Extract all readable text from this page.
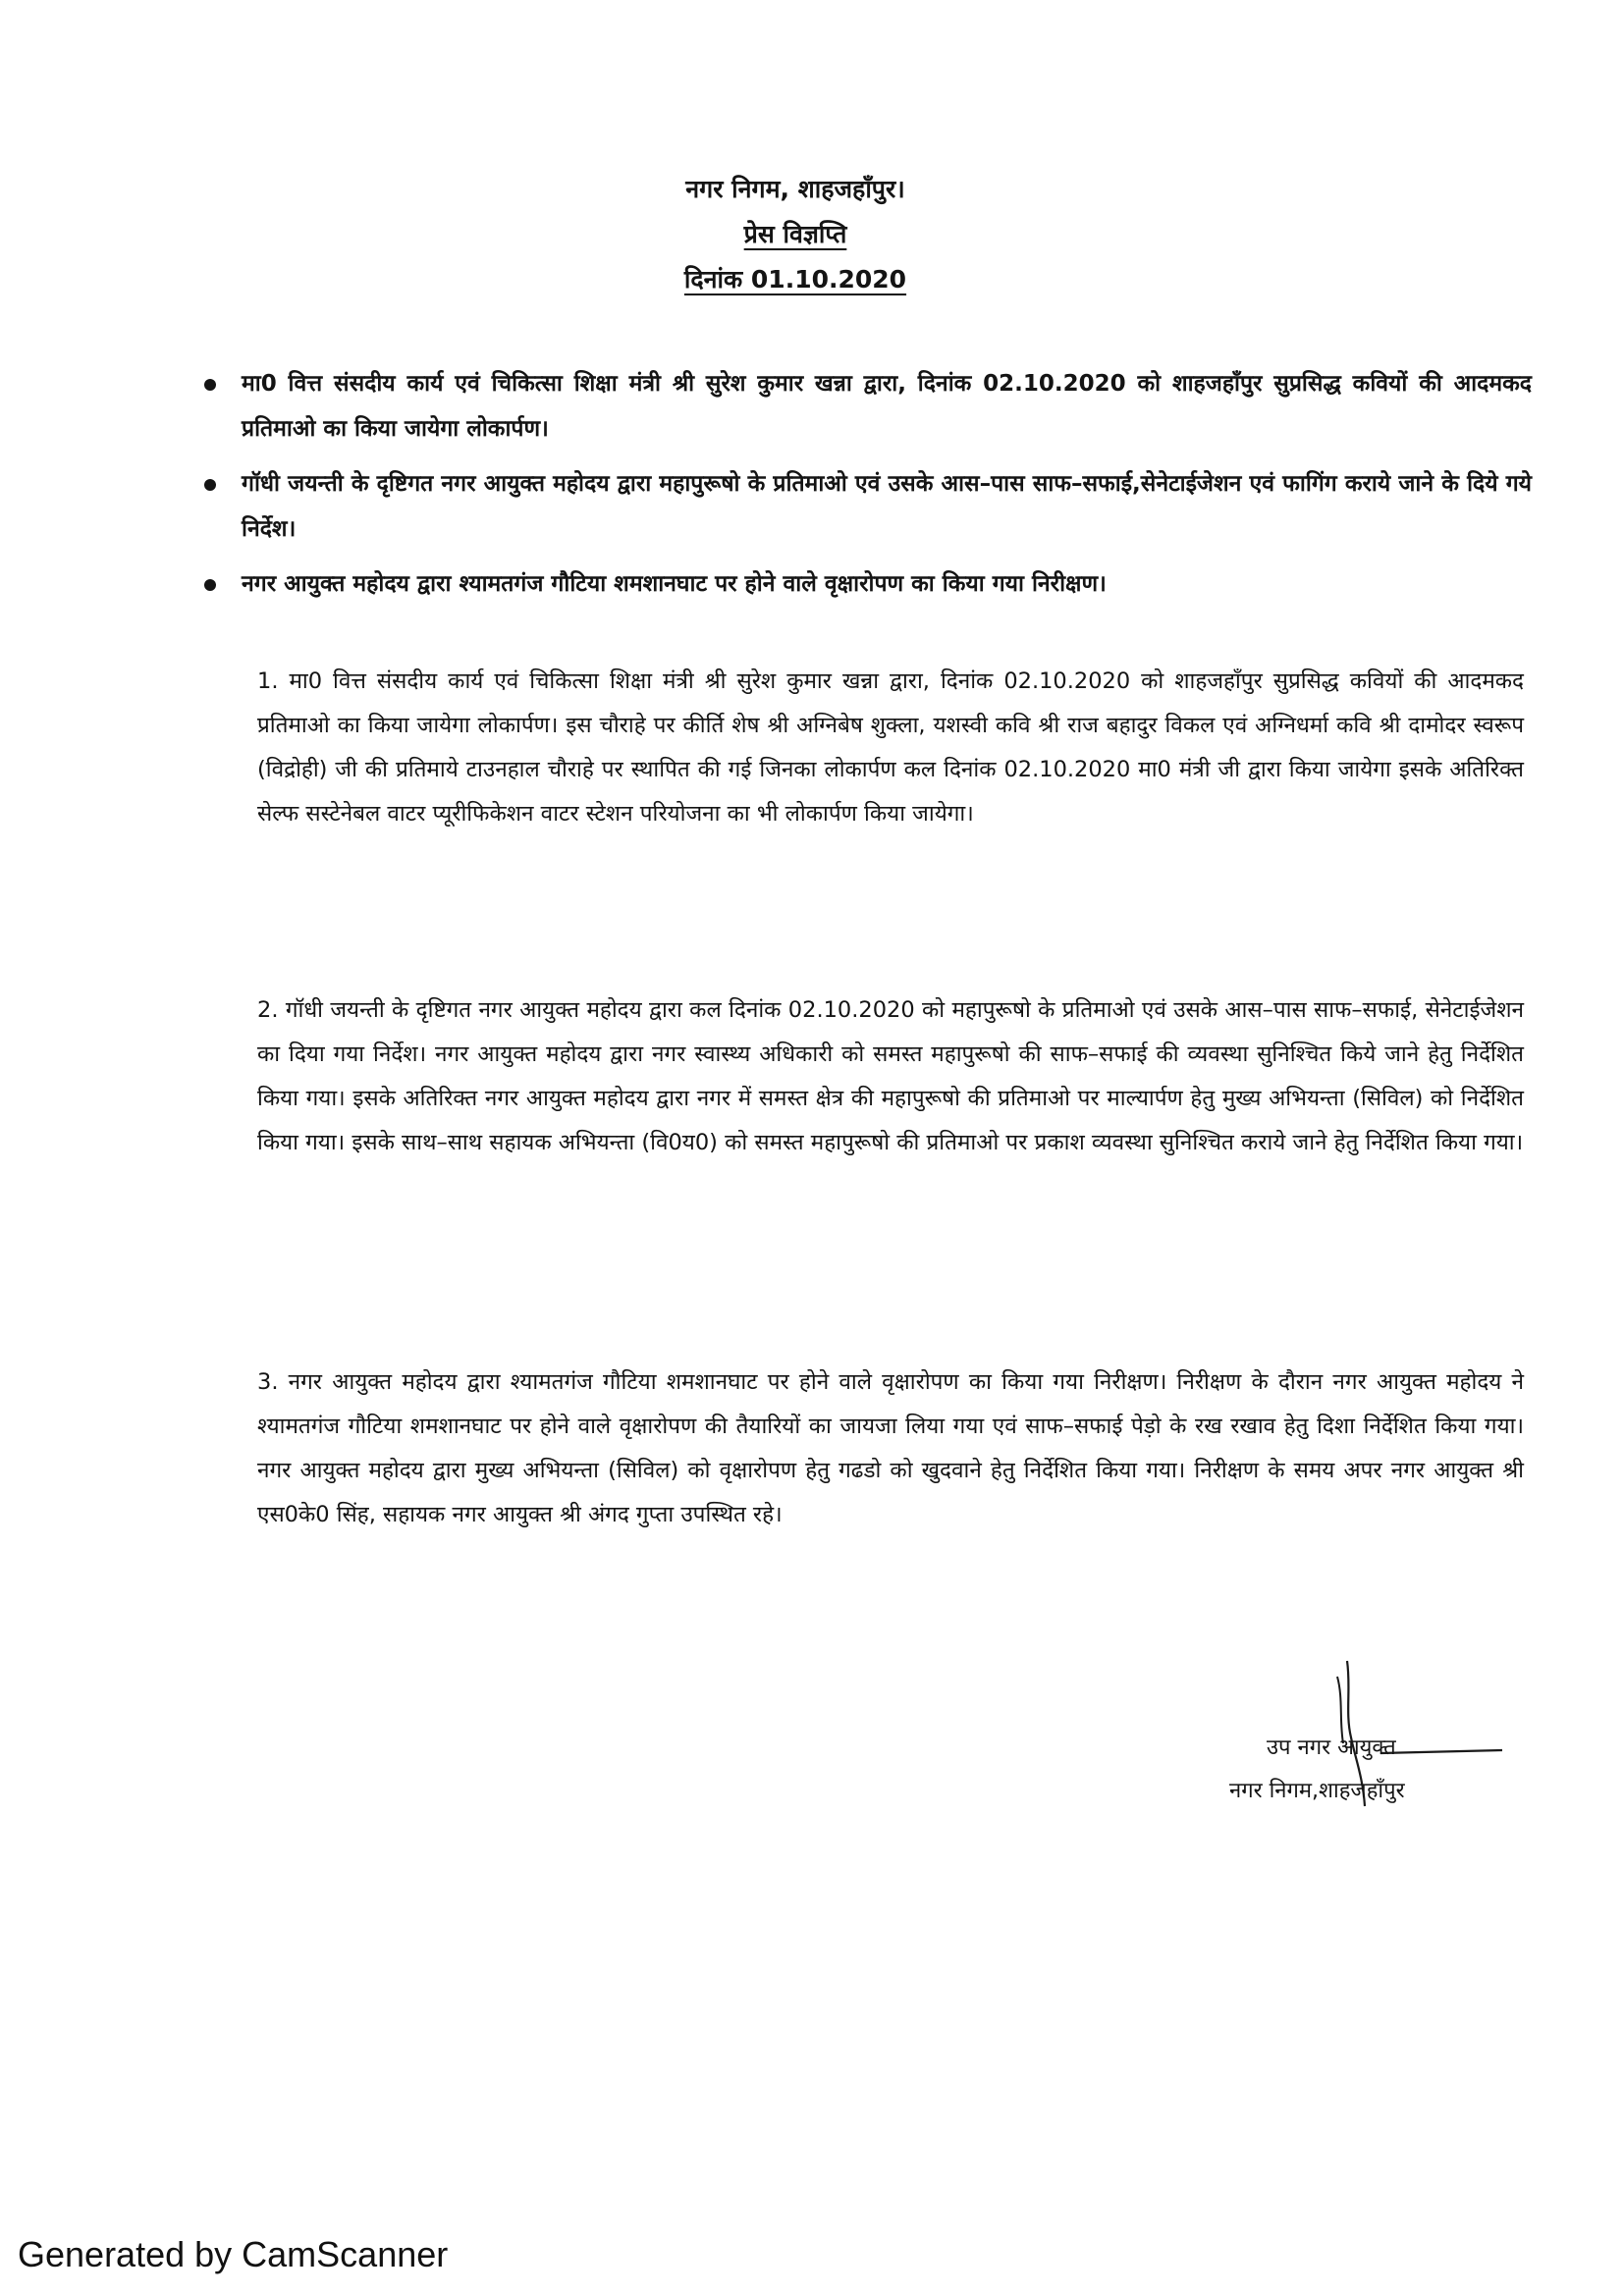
नगर निगम, शाहजहाँपुर।
प्रेस विज्ञप्ति
दिनांक 01.10.2020
मा0 वित्त संसदीय कार्य एवं चिकित्सा शिक्षा मंत्री श्री सुरेश कुमार खन्ना द्वारा, दिनांक 02.10.2020 को शाहजहाँपुर सुप्रसिद्ध कवियों की आदमकद प्रतिमाओ का किया जायेगा लोकार्पण।
गॉधी जयन्ती के दृष्टिगत नगर आयुक्त महोदय द्वारा महापुरूषो के प्रतिमाओ एवं उसके आस–पास साफ–सफाई,सेनेटाईजेशन एवं फागिंग कराये जाने के दिये गये निर्देश।
नगर आयुक्त महोदय द्वारा श्यामतगंज गौटिया शमशानघाट पर होने वाले वृक्षारोपण का किया गया निरीक्षण।

1. मा0 वित्त संसदीय कार्य एवं चिकित्सा शिक्षा मंत्री श्री सुरेश कुमार खन्ना द्वारा, दिनांक 02.10.2020 को शाहजहाँपुर सुप्रसिद्ध कवियों की आदमकद प्रतिमाओ का किया जायेगा लोकार्पण। इस चौराहे पर कीर्ति शेष श्री अग्निबेष शुक्ला, यशस्वी कवि श्री राज बहादुर विकल एवं अग्निधर्मा कवि श्री दामोदर स्वरूप (विद्रोही) जी की प्रतिमाये टाउनहाल चौराहे पर स्थापित की गई जिनका लोकार्पण कल दिनांक 02.10.2020 मा0 मंत्री जी द्वारा किया जायेगा इसके अतिरिक्त सेल्फ सस्टेनेबल वाटर प्यूरीफिकेशन वाटर स्टेशन परियोजना का भी लोकार्पण किया जायेगा।

2. गॉधी जयन्ती के दृष्टिगत नगर आयुक्त महोदय द्वारा कल दिनांक 02.10.2020 को महापुरूषो के प्रतिमाओ एवं उसके आस–पास साफ–सफाई, सेनेटाईजेशन का दिया गया निर्देश। नगर आयुक्त महोदय द्वारा नगर स्वास्थ्य अधिकारी को समस्त महापुरूषो की साफ–सफाई की व्यवस्था सुनिश्चित किये जाने हेतु निर्देशित किया गया। इसके अतिरिक्त नगर आयुक्त महोदय द्वारा नगर में समस्त क्षेत्र की महापुरूषो की प्रतिमाओ पर माल्यार्पण हेतु मुख्य अभियन्ता (सिविल) को निर्देशित किया गया। इसके साथ–साथ सहायक अभियन्ता (वि0य0) को समस्त महापुरूषो की प्रतिमाओ पर प्रकाश व्यवस्था सुनिश्चित कराये जाने हेतु निर्देशित किया गया।

3. नगर आयुक्त महोदय द्वारा श्यामतगंज गौटिया शमशानघाट पर होने वाले वृक्षारोपण का किया गया निरीक्षण। निरीक्षण के दौरान नगर आयुक्त महोदय ने श्यामतगंज गौटिया शमशानघाट पर होने वाले वृक्षारोपण की तैयारियों का जायजा लिया गया एवं साफ–सफाई पेड़ो के रख रखाव हेतु दिशा निर्देशित किया गया। नगर आयुक्त महोदय द्वारा मुख्य अभियन्ता (सिविल) को वृक्षारोपण हेतु गढडो को खुदवाने हेतु निर्देशित किया गया। निरीक्षण के समय अपर नगर आयुक्त श्री एस0के0 सिंह, सहायक नगर आयुक्त श्री अंगद गुप्ता उपस्थित रहे।

उप नगर आयुक्त
नगर निगम,शाहजहाँपुर
Generated by CamScanner
